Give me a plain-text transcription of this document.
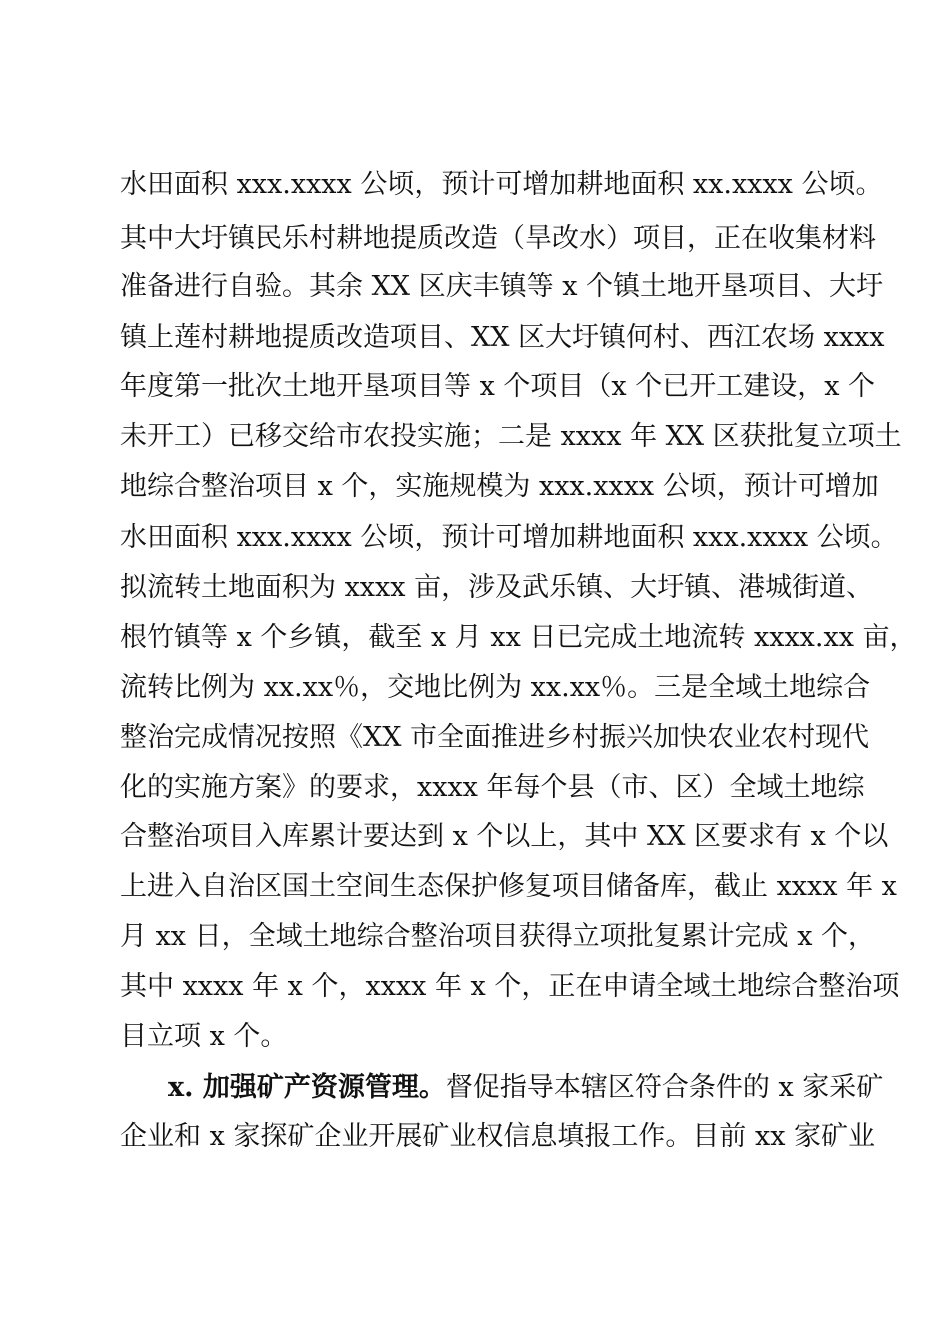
水田面积 xxx.xxxx 公顷，预计可增加耕地面积 xx.xxxx 公顷。
其中大圩镇民乐村耕地提质改造（旱改水）项目，正在收集材料
准备进行自验。其余 XX 区庆丰镇等 x 个镇土地开垦项目、大圩
镇上莲村耕地提质改造项目、XX 区大圩镇何村、西江农场 xxxx
年度第一批次土地开垦项目等 x 个项目（x 个已开工建设，x 个
未开工）已移交给市农投实施；二是 xxxx 年 XX 区获批复立项土
地综合整治项目 x 个，实施规模为 xxx.xxxx 公顷，预计可增加
水田面积 xxx.xxxx 公顷，预计可增加耕地面积 xxx.xxxx 公顷。
拟流转土地面积为 xxxx 亩，涉及武乐镇、大圩镇、港城街道、
根竹镇等 x 个乡镇，截至 x 月 xx 日已完成土地流转 xxxx.xx 亩，
流转比例为 xx.xx％，交地比例为 xx.xx％。三是全域土地综合
整治完成情况按照《XX 市全面推进乡村振兴加快农业农村现代
化的实施方案》的要求，xxxx 年每个县（市、区）全域土地综
合整治项目入库累计要达到 x 个以上，其中 XX 区要求有 x 个以
上进入自治区国土空间生态保护修复项目储备库，截止 xxxx 年 x
月 xx 日，全域土地综合整治项目获得立项批复累计完成 x 个，
其中 xxxx 年 x 个，xxxx 年 x 个，正在申请全域土地综合整治项
目立项 x 个。
x. 加强矿产资源管理。督促指导本辖区符合条件的 x 家采矿
企业和 x 家探矿企业开展矿业权信息填报工作。目前 xx 家矿业
